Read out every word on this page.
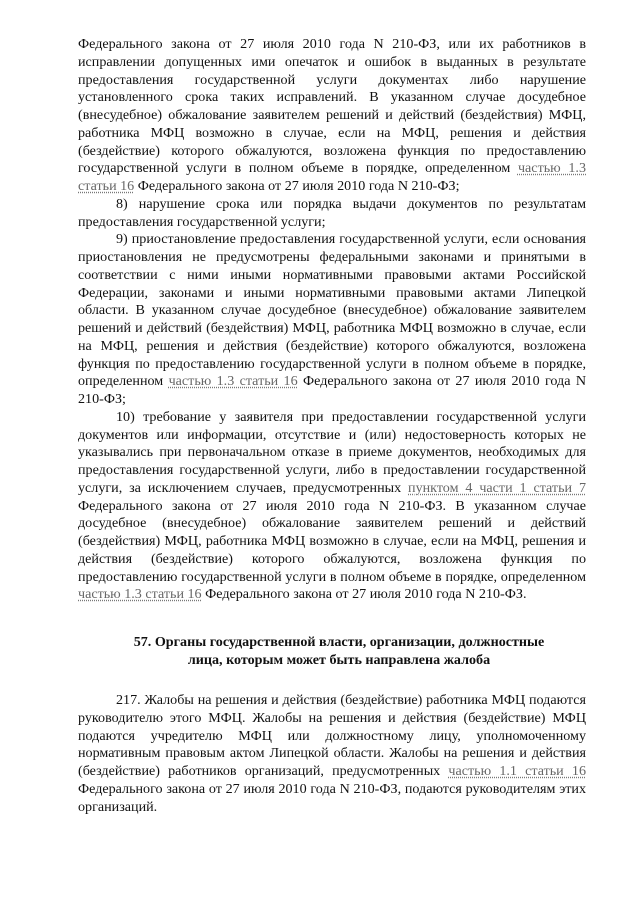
Федерального закона от 27 июля 2010 года N 210-ФЗ, или их работников в исправлении допущенных ими опечаток и ошибок в выданных в результате предоставления государственной услуги документах либо нарушение установленного срока таких исправлений. В указанном случае досудебное (внесудебное) обжалование заявителем решений и действий (бездействия) МФЦ, работника МФЦ возможно в случае, если на МФЦ, решения и действия (бездействие) которого обжалуются, возложена функция по предоставлению государственной услуги в полном объеме в порядке, определенном частью 1.3 статьи 16 Федерального закона от 27 июля 2010 года N 210-ФЗ;

8) нарушение срока или порядка выдачи документов по результатам предоставления государственной услуги;

9) приостановление предоставления государственной услуги, если основания приостановления не предусмотрены федеральными законами и принятыми в соответствии с ними иными нормативными правовыми актами Российской Федерации, законами и иными нормативными правовыми актами Липецкой области. В указанном случае досудебное (внесудебное) обжалование заявителем решений и действий (бездействия) МФЦ, работника МФЦ возможно в случае, если на МФЦ, решения и действия (бездействие) которого обжалуются, возложена функция по предоставлению государственной услуги в полном объеме в порядке, определенном частью 1.3 статьи 16 Федерального закона от 27 июля 2010 года N 210-ФЗ;

10) требование у заявителя при предоставлении государственной услуги документов или информации, отсутствие и (или) недостоверность которых не указывались при первоначальном отказе в приеме документов, необходимых для предоставления государственной услуги, либо в предоставлении государственной услуги, за исключением случаев, предусмотренных пунктом 4 части 1 статьи 7 Федерального закона от 27 июля 2010 года N 210-ФЗ. В указанном случае досудебное (внесудебное) обжалование заявителем решений и действий (бездействия) МФЦ, работника МФЦ возможно в случае, если на МФЦ, решения и действия (бездействие) которого обжалуются, возложена функция по предоставлению государственной услуги в полном объеме в порядке, определенном частью 1.3 статьи 16 Федерального закона от 27 июля 2010 года N 210-ФЗ.

57. Органы государственной власти, организации, должностные
лица, которым может быть направлена жалоба

217. Жалобы на решения и действия (бездействие) работника МФЦ подаются руководителю этого МФЦ. Жалобы на решения и действия (бездействие) МФЦ подаются учредителю МФЦ или должностному лицу, уполномоченному нормативным правовым актом Липецкой области. Жалобы на решения и действия (бездействие) работников организаций, предусмотренных частью 1.1 статьи 16 Федерального закона от 27 июля 2010 года N 210-ФЗ, подаются руководителям этих организаций.
